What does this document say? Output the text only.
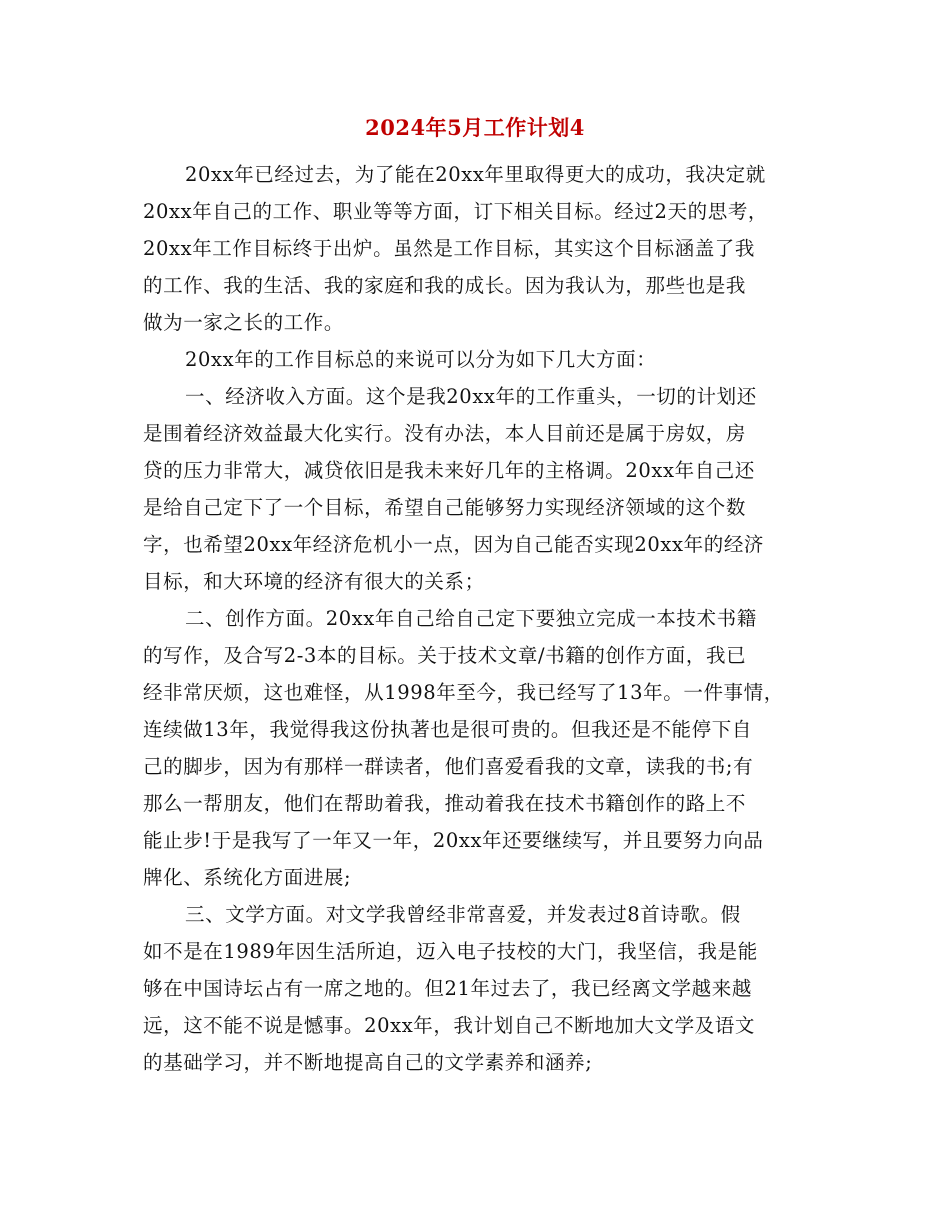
2024年5月工作计划4
20xx年已经过去，为了能在20xx年里取得更大的成功，我决定就
20xx年自己的工作、职业等等方面，订下相关目标。经过2天的思考，
20xx年工作目标终于出炉。虽然是工作目标，其实这个目标涵盖了我
的工作、我的生活、我的家庭和我的成长。因为我认为，那些也是我
做为一家之长的工作。
20xx年的工作目标总的来说可以分为如下几大方面：
一、经济收入方面。这个是我20xx年的工作重头，一切的计划还
是围着经济效益最大化实行。没有办法，本人目前还是属于房奴，房
贷的压力非常大，减贷依旧是我未来好几年的主格调。20xx年自己还
是给自己定下了一个目标，希望自己能够努力实现经济领域的这个数
字，也希望20xx年经济危机小一点，因为自己能否实现20xx年的经济
目标，和大环境的经济有很大的关系；
二、创作方面。20xx年自己给自己定下要独立完成一本技术书籍
的写作，及合写2-3本的目标。关于技术文章/书籍的创作方面，我已
经非常厌烦，这也难怪，从1998年至今，我已经写了13年。一件事情，
连续做13年，我觉得我这份执著也是很可贵的。但我还是不能停下自
己的脚步，因为有那样一群读者，他们喜爱看我的文章，读我的书;有
那么一帮朋友，他们在帮助着我，推动着我在技术书籍创作的路上不
能止步!于是我写了一年又一年，20xx年还要继续写，并且要努力向品
牌化、系统化方面进展;
三、文学方面。对文学我曾经非常喜爱，并发表过8首诗歌。假
如不是在1989年因生活所迫，迈入电子技校的大门，我坚信，我是能
够在中国诗坛占有一席之地的。但21年过去了，我已经离文学越来越
远，这不能不说是憾事。20xx年，我计划自己不断地加大文学及语文
的基础学习，并不断地提高自己的文学素养和涵养;
